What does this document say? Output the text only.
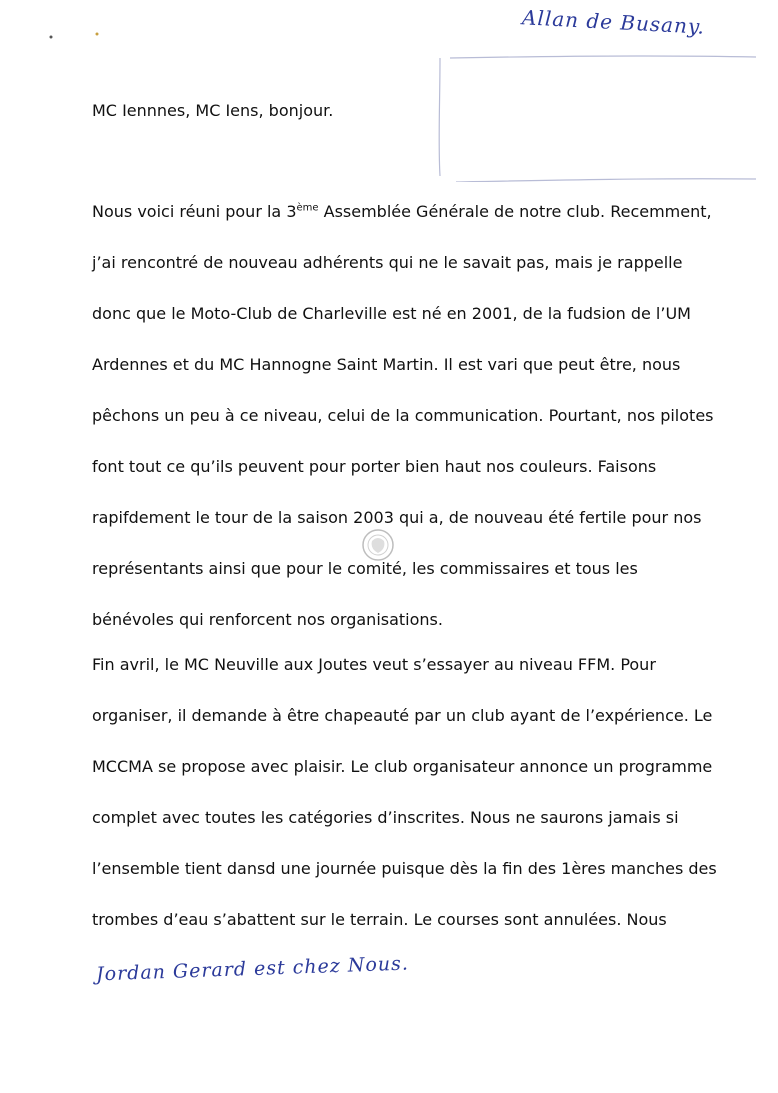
Allan de Busany.
MC Iennnes, MC Iens, bonjour.
Nous voici réuni pour la 3ème Assemblée Générale de notre club. Recemment,
j’ai rencontré de nouveau adhérents qui ne le savait pas, mais je rappelle
donc que le Moto-Club de Charleville est né en 2001, de la fudsion de l’UM
Ardennes et du MC Hannogne Saint Martin. Il est vari que peut être, nous
pêchons un peu à ce niveau, celui de la communication. Pourtant, nos pilotes
font tout ce qu’ils peuvent pour porter bien haut nos couleurs. Faisons
rapifdement le tour de la saison 2003 qui a, de nouveau été fertile pour nos
représentants ainsi que pour le comité, les commissaires et tous les
bénévoles qui renforcent nos organisations.
Fin avril, le MC Neuville aux Joutes veut s’essayer au niveau FFM. Pour
organiser, il demande à être chapeauté par un club ayant de l’expérience. Le
MCCMA se propose avec plaisir. Le club organisateur annonce un programme
complet avec toutes les catégories d’inscrites. Nous ne saurons jamais si
l’ensemble tient dansd une journée puisque dès la fin des 1ères manches des
trombes d’eau s’abattent sur le terrain. Le courses sont annulées. Nous
Jordan Gerard est chez Nous.
